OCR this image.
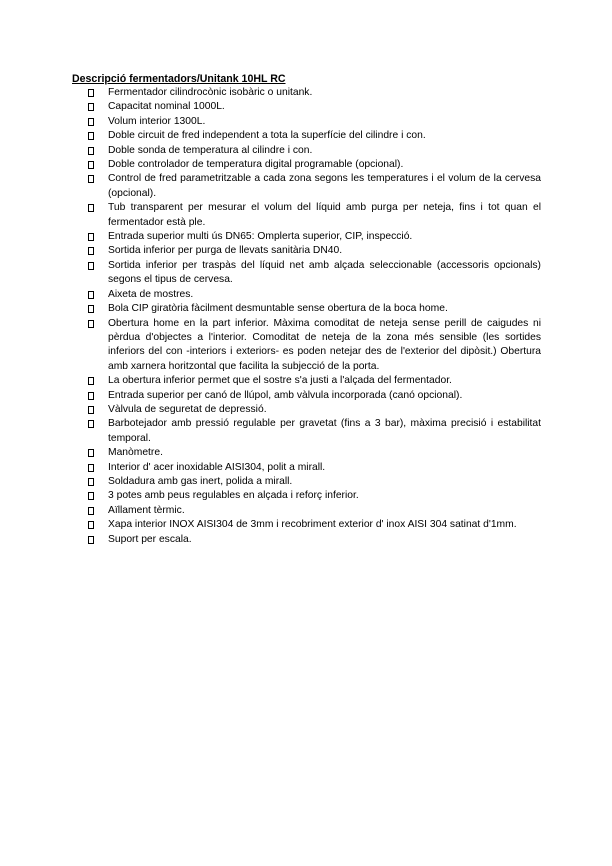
Descripció fermentadors/Unitank 10HL RC
Fermentador cilindrocònic isobàric o unitank.
Capacitat nominal 1000L.
Volum interior 1300L.
Doble circuit de fred independent a tota la superfície del cilindre i con.
Doble sonda de temperatura al cilindre i con.
Doble controlador de temperatura digital programable (opcional).
Control de fred parametritzable a cada zona segons les temperatures i el volum de la cervesa (opcional).
Tub transparent per mesurar el volum del líquid amb purga per neteja, fins i tot quan el fermentador està ple.
Entrada superior multi ús DN65: Omplerta superior, CIP, inspecció.
Sortida inferior per purga de llevats sanitària DN40.
Sortida inferior per traspàs del líquid net amb alçada seleccionable (accessoris opcionals) segons el tipus de cervesa.
Aixeta de mostres.
Bola CIP giratòria fàcilment desmuntable sense obertura de la boca home.
Obertura home en la part inferior. Màxima comoditat de neteja sense perill de caigudes ni pèrdua d'objectes a l'interior. Comoditat de neteja de la zona més sensible (les sortides inferiors del con -interiors i exteriors- es poden netejar des de l'exterior del dipòsit.) Obertura amb xarnera horitzontal que facilita la subjecció de la porta.
La obertura inferior permet que el sostre s'a justi a l'alçada del fermentador.
Entrada superior per canó de llúpol, amb vàlvula incorporada (canó opcional).
Vàlvula de seguretat de depressió.
Barbotejador amb pressió regulable per gravetat (fins a 3 bar), màxima precisió i estabilitat temporal.
Manòmetre.
Interior d' acer inoxidable AISI304, polit a mirall.
Soldadura amb gas inert, polida a mirall.
3 potes amb peus regulables en alçada i reforç inferior.
Aïllament tèrmic.
Xapa interior INOX AISI304 de 3mm i recobriment exterior d' inox AISI 304 satinat d'1mm.
Suport per escala.
